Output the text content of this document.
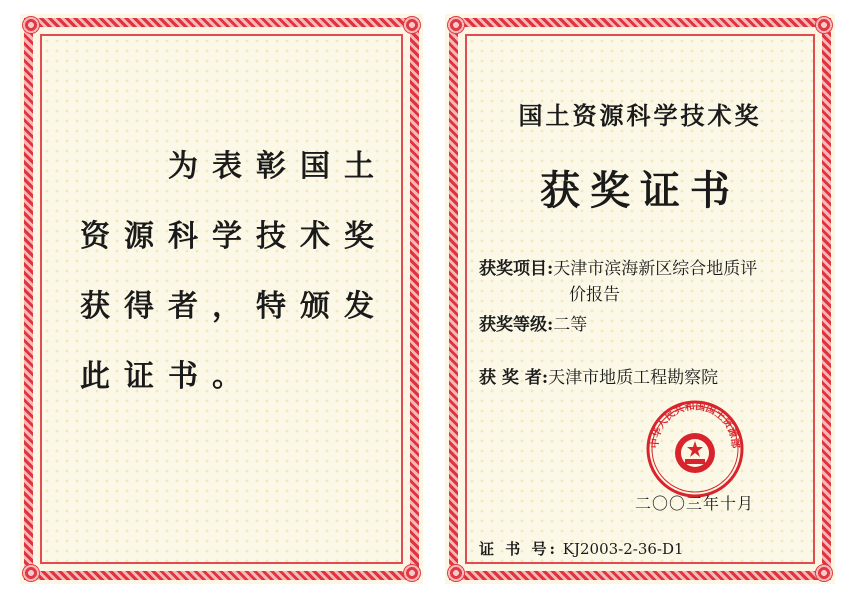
为表彰国土
资源科学技术奖
获得者，特颁发
此证书。
国土资源科学技术奖
获奖证书
获奖项目:天津市滨海新区综合地质评
价报告
获奖等级:二等
获 奖 者:天津市地质工程勘察院
中华人民共和国国土资源部
二〇〇三年十月
证 书 号: KJ2003-2-36-D1
